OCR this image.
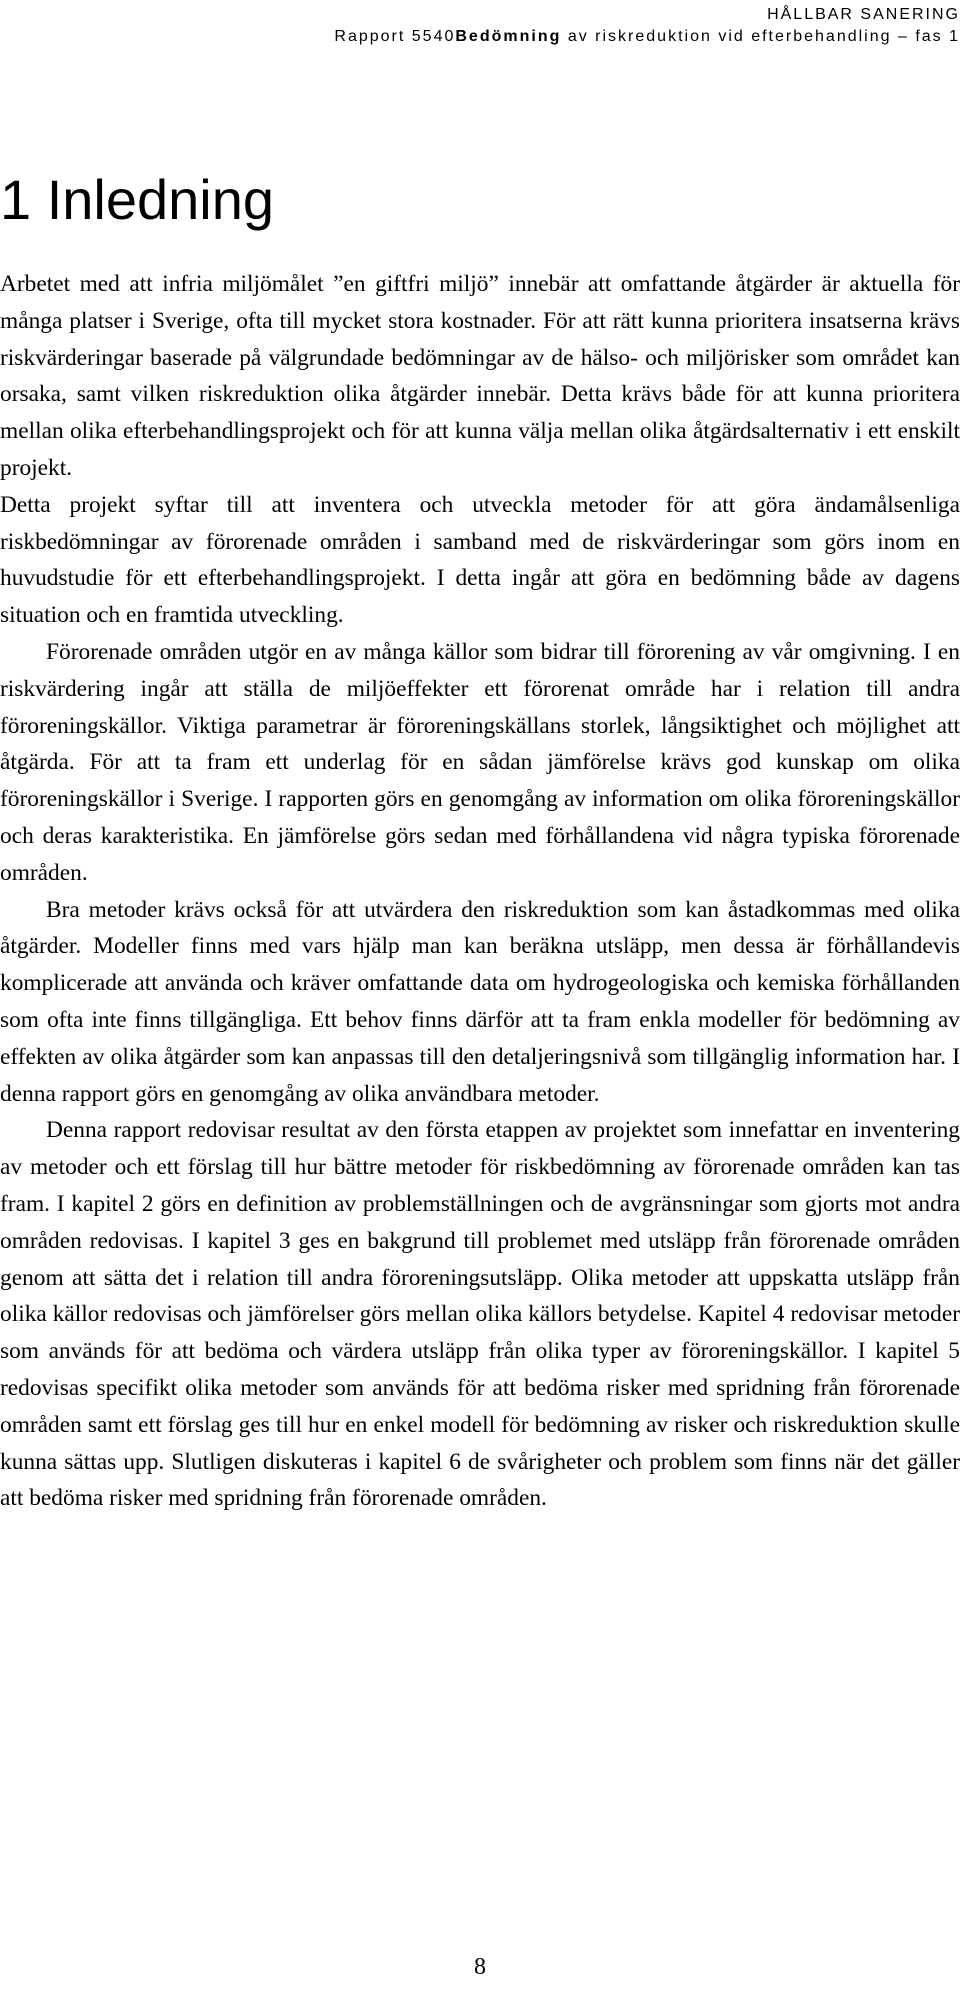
HÅLLBAR SANERING
Rapport 5540Bedömning av riskreduktion vid efterbehandling – fas 1
1 Inledning

Arbetet med att infria miljömålet ”en giftfri miljö” innebär att omfattande åtgärder är aktuella för många platser i Sverige, ofta till mycket stora kostnader. För att rätt kunna prioritera insatserna krävs riskvärderingar baserade på välgrundade bedömningar av de hälso- och miljörisker som området kan orsaka, samt vilken riskreduktion olika åtgärder innebär. Detta krävs både för att kunna prioritera mellan olika efterbehandlingsprojekt och för att kunna välja mellan olika åtgärdsalternativ i ett enskilt projekt.

Detta projekt syftar till att inventera och utveckla metoder för att göra ändamålsenliga riskbedömningar av förorenade områden i samband med de riskvärderingar som görs inom en huvudstudie för ett efterbehandlingsprojekt. I detta ingår att göra en bedömning både av dagens situation och en framtida utveckling.

Förorenade områden utgör en av många källor som bidrar till förorening av vår omgivning. I en riskvärdering ingår att ställa de miljöeffekter ett förorenat område har i relation till andra föroreningskällor. Viktiga parametrar är föroreningskällans storlek, långsiktighet och möjlighet att åtgärda. För att ta fram ett underlag för en sådan jämförelse krävs god kunskap om olika föroreningskällor i Sverige. I rapporten görs en genomgång av information om olika föroreningskällor och deras karakteristika. En jämförelse görs sedan med förhållandena vid några typiska förorenade områden.

Bra metoder krävs också för att utvärdera den riskreduktion som kan åstadkommas med olika åtgärder. Modeller finns med vars hjälp man kan beräkna utsläpp, men dessa är förhållandevis komplicerade att använda och kräver omfattande data om hydrogeologiska och kemiska förhållanden som ofta inte finns tillgängliga. Ett behov finns därför att ta fram enkla modeller för bedömning av effekten av olika åtgärder som kan anpassas till den detaljeringsnivå som tillgänglig information har. I denna rapport görs en genomgång av olika användbara metoder.

Denna rapport redovisar resultat av den första etappen av projektet som innefattar en inventering av metoder och ett förslag till hur bättre metoder för riskbedömning av förorenade områden kan tas fram. I kapitel 2 görs en definition av problemställningen och de avgränsningar som gjorts mot andra områden redovisas. I kapitel 3 ges en bakgrund till problemet med utsläpp från förorenade områden genom att sätta det i relation till andra föroreningsutsläpp. Olika metoder att uppskatta utsläpp från olika källor redovisas och jämförelser görs mellan olika källors betydelse. Kapitel 4 redovisar metoder som används för att bedöma och värdera utsläpp från olika typer av föroreningskällor. I kapitel 5 redovisas specifikt olika metoder som används för att bedöma risker med spridning från förorenade områden samt ett förslag ges till hur en enkel modell för bedömning av risker och riskreduktion skulle kunna sättas upp. Slutligen diskuteras i kapitel 6 de svårigheter och problem som finns när det gäller att bedöma risker med spridning från förorenade områden.

8
